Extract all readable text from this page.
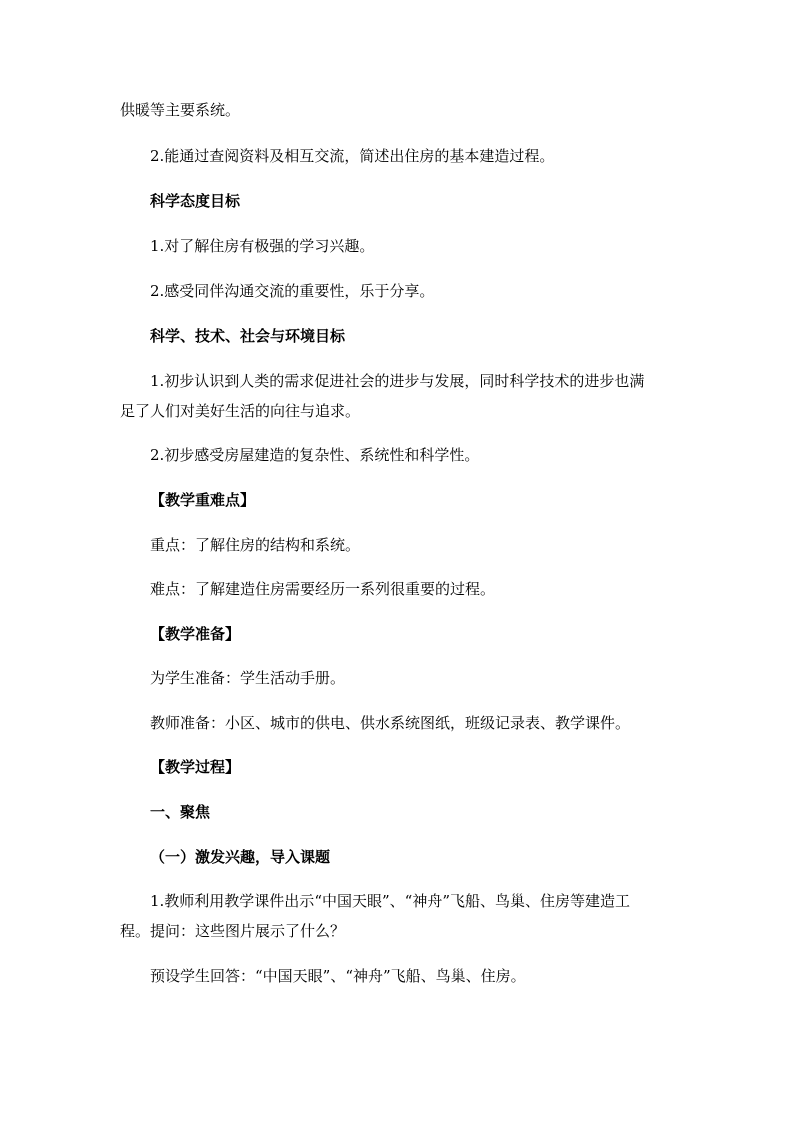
供暖等主要系统。
2.能通过查阅资料及相互交流，简述出住房的基本建造过程。
科学态度目标
1.对了解住房有极强的学习兴趣。
2.感受同伴沟通交流的重要性，乐于分享。
科学、技术、社会与环境目标
1.初步认识到人类的需求促进社会的进步与发展，同时科学技术的进步也满
足了人们对美好生活的向往与追求。
2.初步感受房屋建造的复杂性、系统性和科学性。
【教学重难点】
重点：了解住房的结构和系统。
难点：了解建造住房需要经历一系列很重要的过程。
【教学准备】
为学生准备：学生活动手册。
教师准备：小区、城市的供电、供水系统图纸，班级记录表、教学课件。
【教学过程】
一、聚焦
（一）激发兴趣，导入课题
1.教师利用教学课件出示“中国天眼”、“神舟”飞船、鸟巢、住房等建造工
程。提问：这些图片展示了什么？
预设学生回答：“中国天眼”、“神舟”飞船、鸟巢、住房。
